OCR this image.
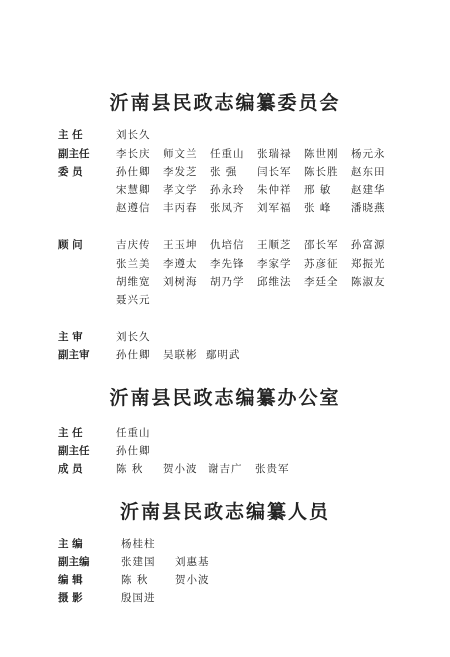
沂南县民政志编纂委员会
主 任	刘长久
副主任	李长庆 师文兰 任重山 张瑞禄 陈世刚 杨元永
委 员	孙仕卿 李发芝 张 强 闫长军 陈长胜 赵东田
宋慧卿 孝文学 孙永玲 朱仲祥 邢 敏 赵建华
赵遵信 丰丙春 张凤齐 刘军福 张 峰 潘晓燕
顾 问	吉庆传 王玉坤 仇培信 王顺芝 邵长军 孙富源
张兰美 李遵太 李先锋 李家学 苏彦征 郑振光
胡维宽 刘树海 胡乃学 邱维法 李廷全 陈淑友
聂兴元
主 审	刘长久
副主审	孙仕卿 吴联彬 鄢明武
沂南县民政志编纂办公室
主 任	任重山
副主任	孙仕卿
成 员	陈 秋 贺小波 谢吉广 张贵军
沂南县民政志编纂人员
主 编	杨桂柱
副主编	张建国 刘惠基
编 辑	陈 秋	贺小波
摄 影	殷国进
